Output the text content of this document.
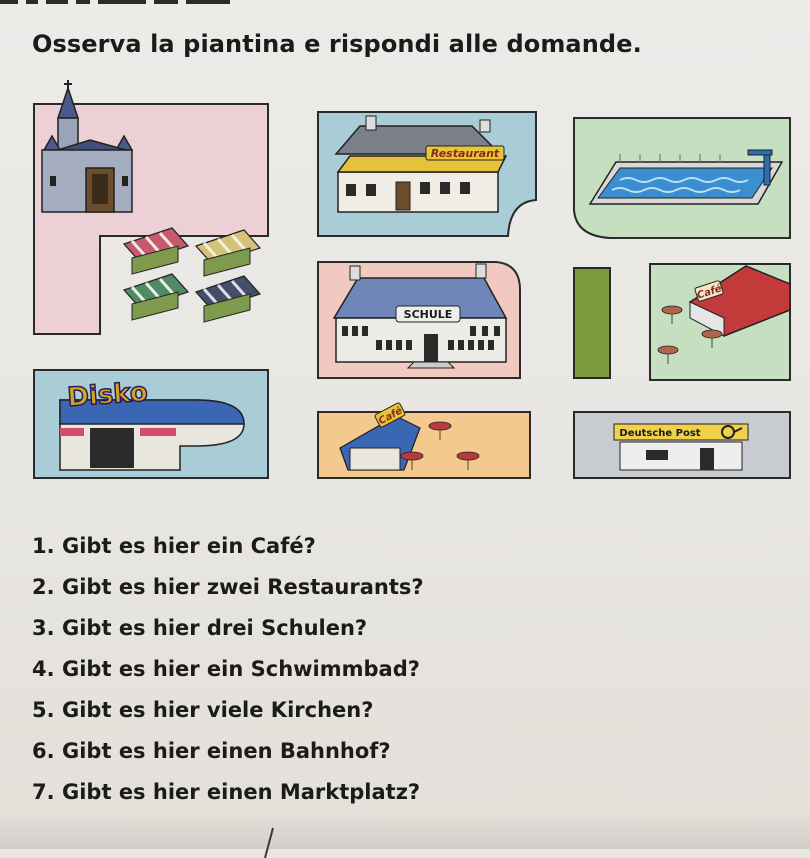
Osserva la piantina e rispondi alle domande.
Restaurant
SCHULE
Café
Disko
Café
Deutsche Post
1. Gibt es hier ein Café?
2. Gibt es hier zwei Restaurants?
3. Gibt es hier drei Schulen?
4. Gibt es hier ein Schwimmbad?
5. Gibt es hier viele Kirchen?
6. Gibt es hier einen Bahnhof?
7. Gibt es hier einen Marktplatz?
